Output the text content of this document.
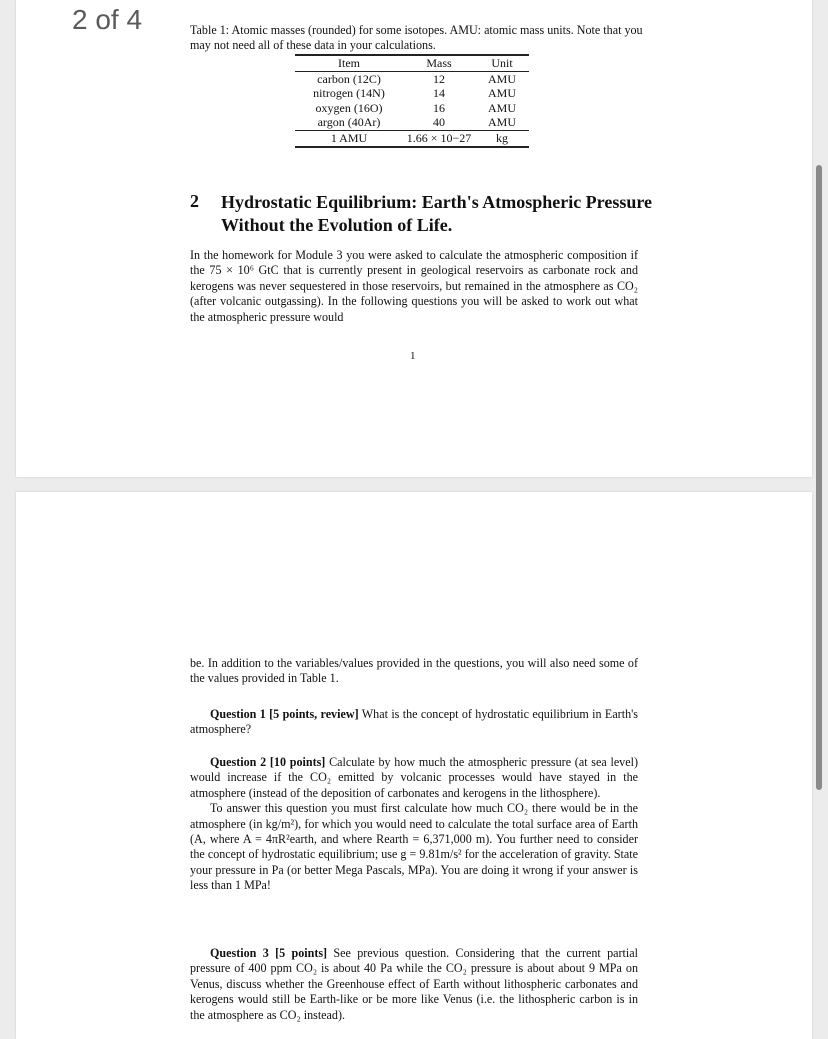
2 of 4	Table 1: Atomic masses (rounded) for some isotopes. AMU: atomic mass units. Note that you may not need all of these data in your calculations.
Item	Mass	Unit
carbon (12C)	12	AMU
nitrogen (14N)	14	AMU
oxygen (16O)	16	AMU
argon (40Ar)	40	AMU
1 AMU	1.66 × 10−27	kg
2 Hydrostatic Equilibrium: Earth's Atmospheric Pressure Without the Evolution of Life.
In the homework for Module 3 you were asked to calculate the atmospheric composition if the 75 × 10⁶ GtC that is currently present in geological reservoirs as carbonate rock and kerogens was never sequestered in those reservoirs, but remained in the atmosphere as CO₂ (after volcanic outgassing). In the following questions you will be asked to work out what the atmospheric pressure would
1
be. In addition to the variables/values provided in the questions, you will also need some of the values provided in Table 1.
Question 1 [5 points, review] What is the concept of hydrostatic equilibrium in Earth's atmosphere?
Question 2 [10 points] Calculate by how much the atmospheric pressure (at sea level) would increase if the CO₂ emitted by volcanic processes would have stayed in the atmosphere (instead of the deposition of carbonates and kerogens in the lithosphere).
To answer this question you must first calculate how much CO₂ there would be in the atmosphere (in kg/m²), for which you would need to calculate the total surface area of Earth (A, where A = 4πR²earth, and where Rearth = 6,371,000 m). You further need to consider the concept of hydrostatic equilibrium; use g = 9.81m/s² for the acceleration of gravity. State your pressure in Pa (or better Mega Pascals, MPa). You are doing it wrong if your answer is less than 1 MPa!
Question 3 [5 points] See previous question. Considering that the current partial pressure of 400 ppm CO₂ is about 40 Pa while the CO₂ pressure is about about 9 MPa on Venus, discuss whether the Greenhouse effect of Earth without lithospheric carbonates and kerogens would still be Earth-like or be more like Venus (i.e. the lithospheric carbon is in the atmosphere as CO₂ instead).
